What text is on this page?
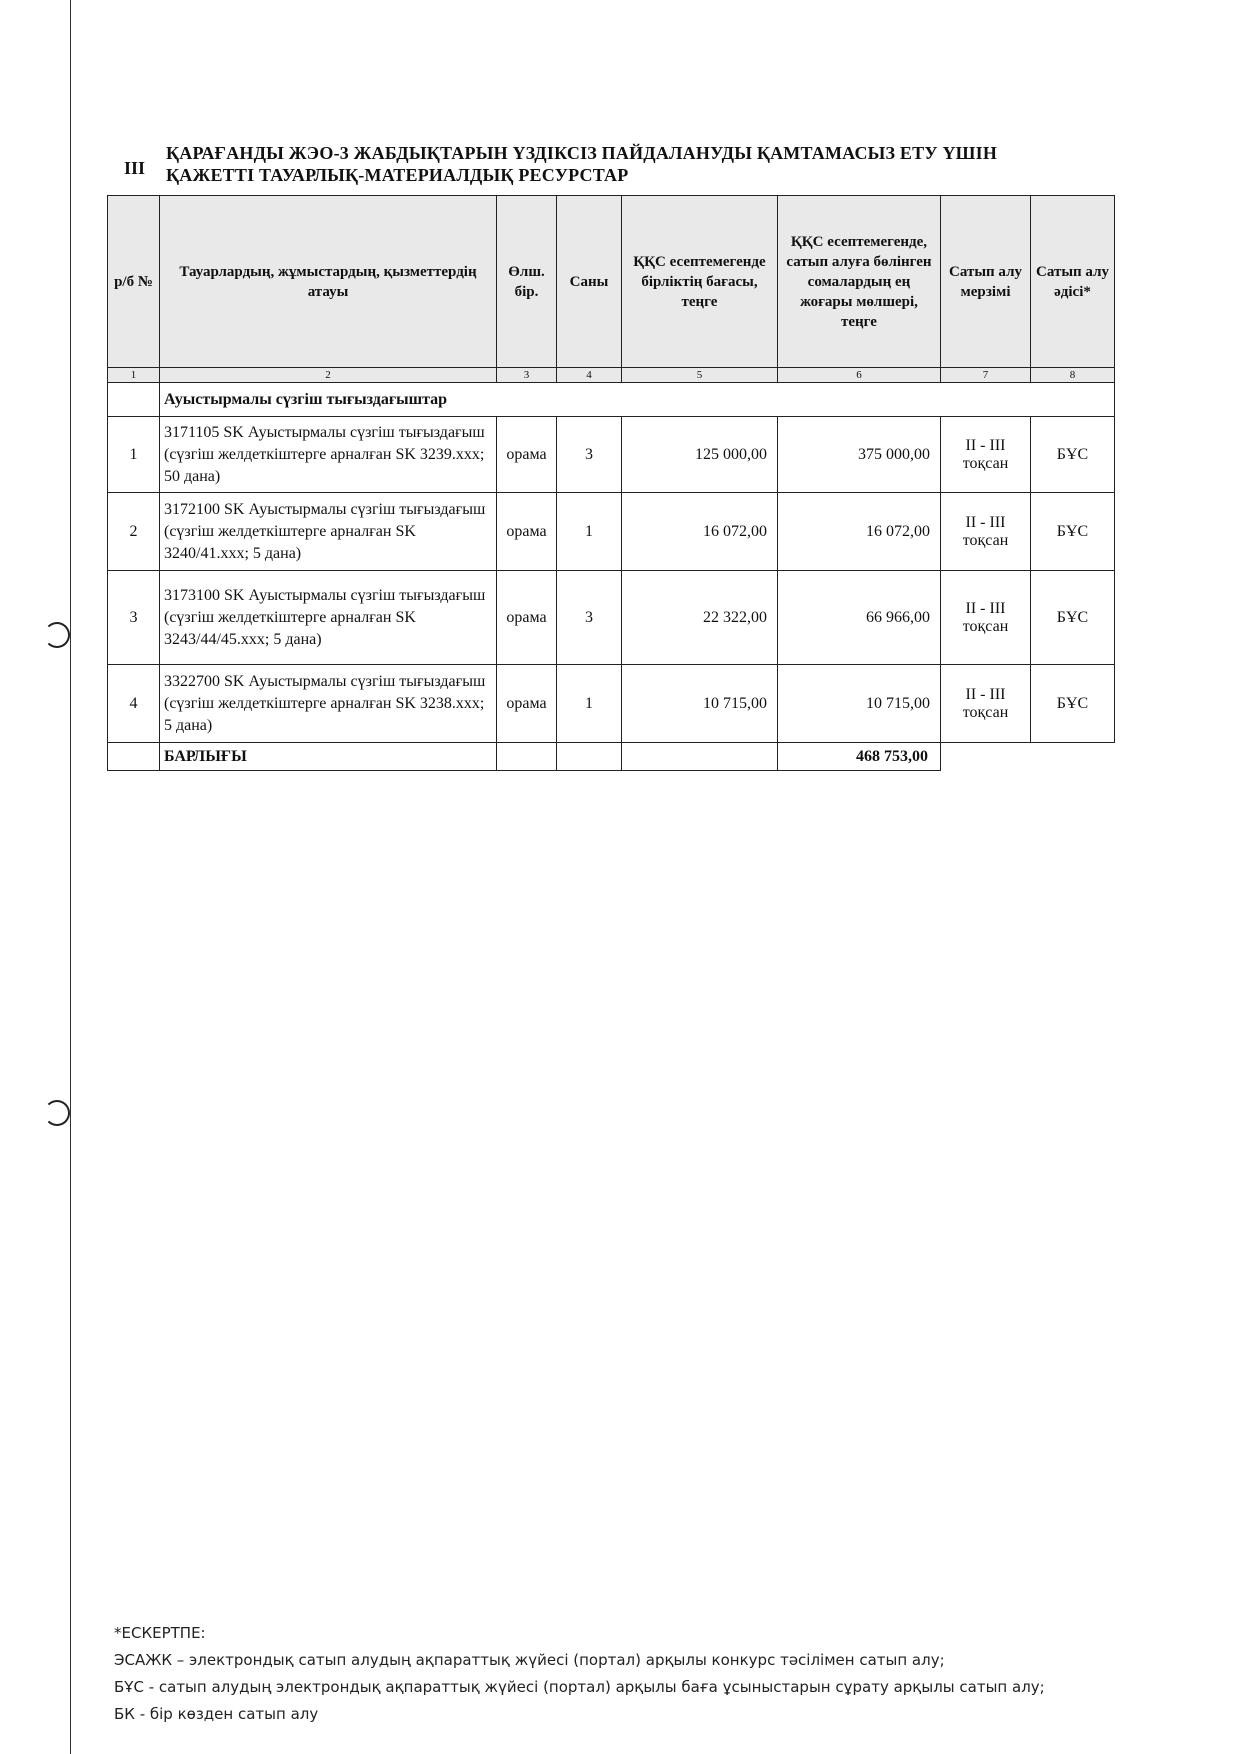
III
ҚАРАҒАНДЫ ЖЭО-3 ЖАБДЫҚТАРЫН ҮЗДІКСІЗ ПАЙДАЛАНУДЫ ҚАМТАМАСЫЗ ЕТУ ҮШІН
ҚАЖЕТТІ ТАУАРЛЫҚ-МАТЕРИАЛДЫҚ РЕСУРСТАР
р/б №	Тауарлардың, жұмыстардың, қызметтердің атауы	Өлш. бір.	Саны	ҚҚС есептемегенде бірліктің бағасы, теңге	ҚҚС есептемегенде, сатып алуға бөлінген сомалардың ең жоғары мөлшері, теңге	Сатып алу мерзімі	Сатып алу әдісі*
1	2	3	4	5	6	7	8
	Ауыстырмалы сүзгіш тығыздағыштар						
1	3171105 SK Ауыстырмалы сүзгіш тығыздағыш (сүзгіш желдеткіштерге арналған SK 3239.xxx; 50 дана)	орама	3	125 000,00	375 000,00	II - III тоқсан	БҰС
2	3172100 SK Ауыстырмалы сүзгіш тығыздағыш (сүзгіш желдеткіштерге арналған SK 3240/41.xxx; 5 дана)	орама	1	16 072,00	16 072,00	II - III тоқсан	БҰС
3	3173100 SK Ауыстырмалы сүзгіш тығыздағыш (сүзгіш желдеткіштерге арналған SK 3243/44/45.xxx; 5 дана)	орама	3	22 322,00	66 966,00	II - III тоқсан	БҰС
4	3322700 SK Ауыстырмалы сүзгіш тығыздағыш (сүзгіш желдеткіштерге арналған SK 3238.xxx; 5 дана)	орама	1	10 715,00	10 715,00	II - III тоқсан	БҰС
	БАРЛЫҒЫ				468 753,00		
*ЕСКЕРТПЕ:
ЭСАЖК – электрондық сатып алудың ақпараттық жүйесі (портал) арқылы конкурс тәсілімен сатып алу;
БҰС - сатып алудың электрондық ақпараттық жүйесі (портал) арқылы баға ұсыныстарын сұрату арқылы сатып алу;
БК - бір көзден сатып алу
